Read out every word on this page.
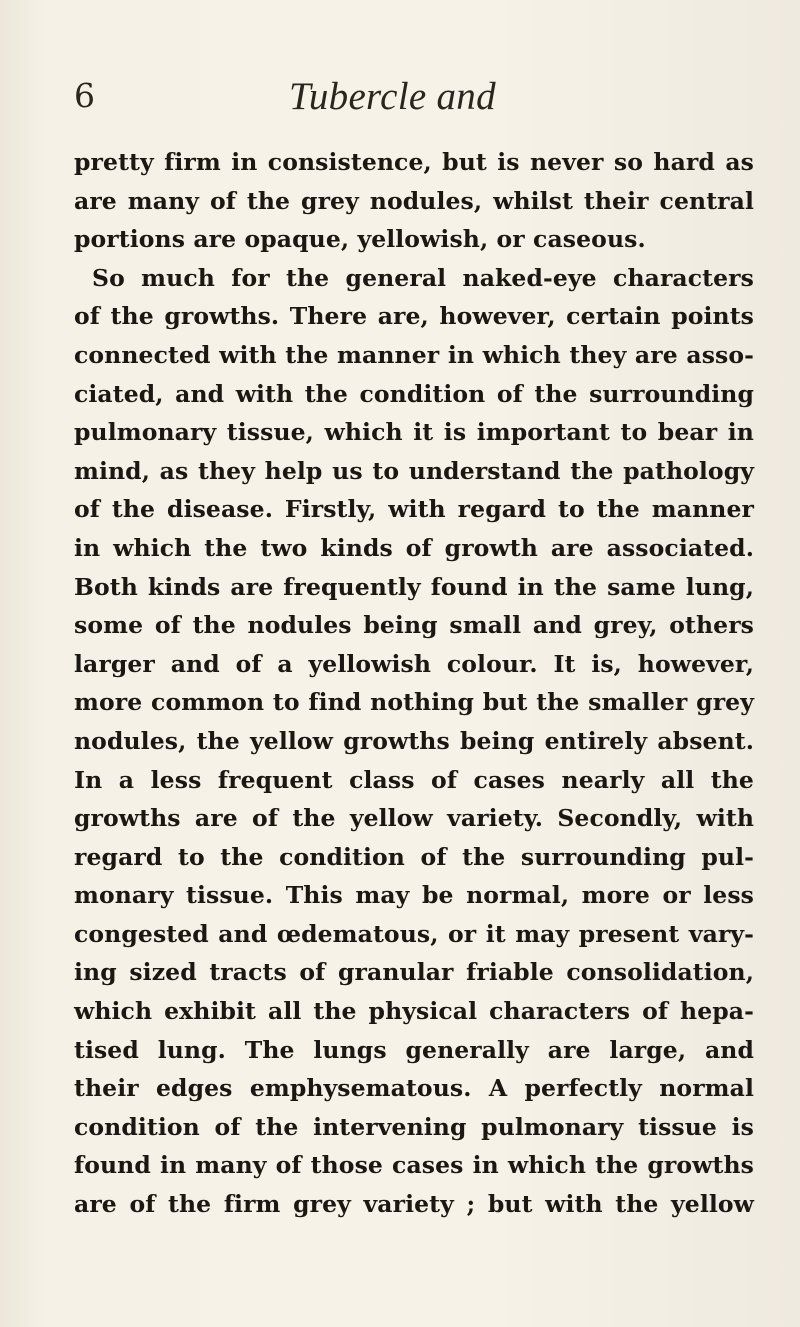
6	Tubercle and
pretty firm in consistence, but is never so hard as
are many of the grey nodules, whilst their central
portions are opaque, yellowish, or caseous.
So much for the general naked-eye characters
of the growths. There are, however, certain points
connected with the manner in which they are asso-
ciated, and with the condition of the surrounding
pulmonary tissue, which it is important to bear in
mind, as they help us to understand the pathology
of the disease. Firstly, with regard to the manner
in which the two kinds of growth are associated.
Both kinds are frequently found in the same lung,
some of the nodules being small and grey, others
larger and of a yellowish colour. It is, however,
more common to find nothing but the smaller grey
nodules, the yellow growths being entirely absent.
In a less frequent class of cases nearly all the
growths are of the yellow variety. Secondly, with
regard to the condition of the surrounding pul-
monary tissue. This may be normal, more or less
congested and œdematous, or it may present vary-
ing sized tracts of granular friable consolidation,
which exhibit all the physical characters of hepa-
tised lung. The lungs generally are large, and
their edges emphysematous. A perfectly normal
condition of the intervening pulmonary tissue is
found in many of those cases in which the growths
are of the firm grey variety ; but with the yellow
